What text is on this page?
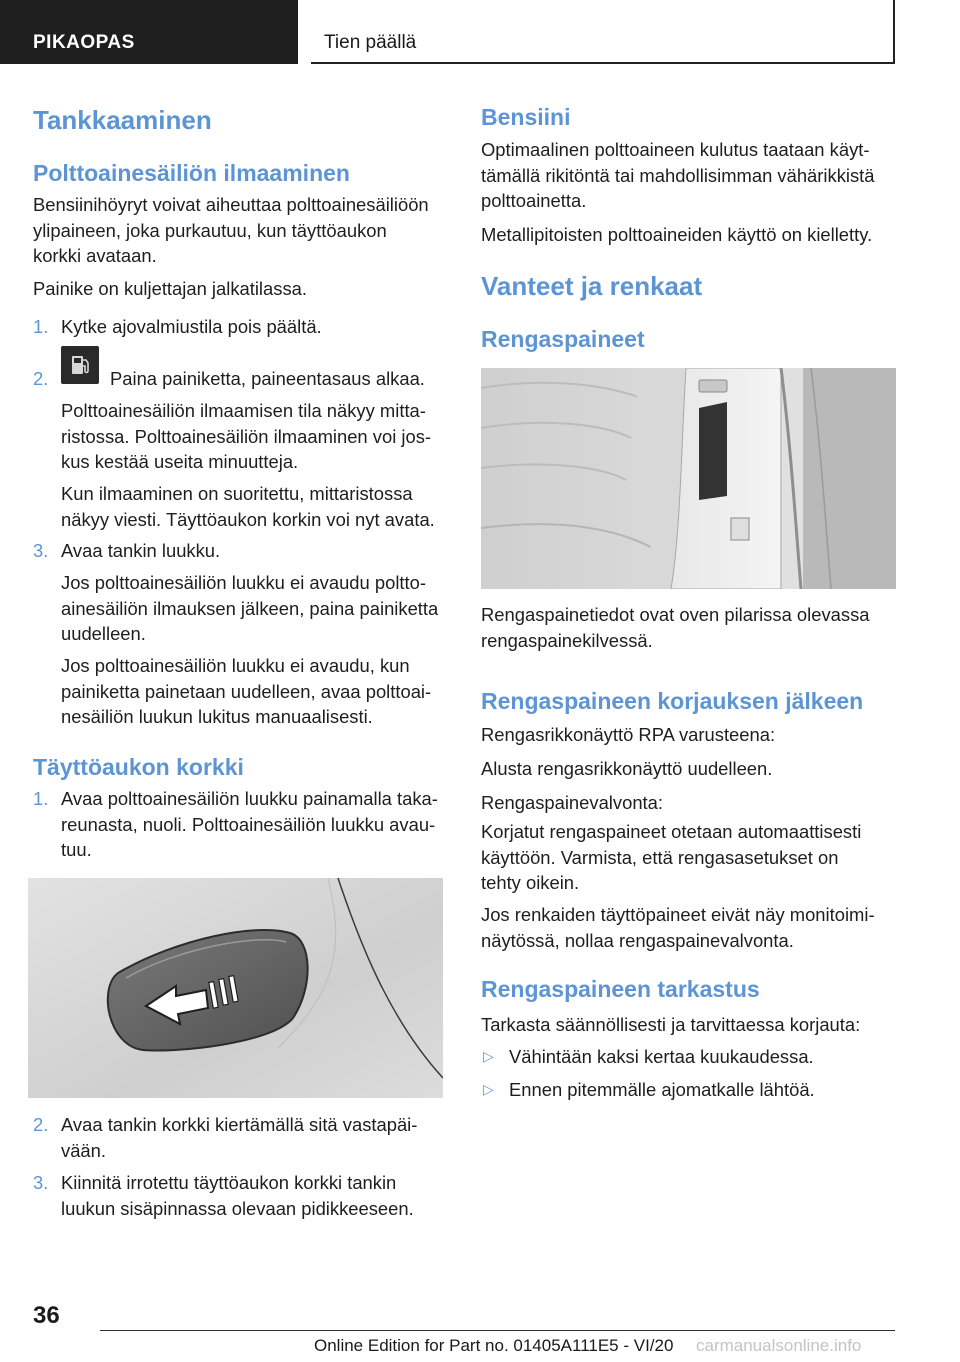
PIKAOPAS	Tien päällä
Tankkaaminen
Polttoainesäiliön ilmaaminen
Bensiinihöyryt voivat aiheuttaa polttoainesäiliöön
ylipaineen, joka purkautuu, kun täyttöaukon
korkki avataan.
Painike on kuljettajan jalkatilassa.
1. Kytke ajovalmiustila pois päältä.
2.	Paina painiketta, paineentasaus alkaa.
Polttoainesäiliön ilmaamisen tila näkyy mitta-
ristossa. Polttoainesäiliön ilmaaminen voi jos-
kus kestää useita minuutteja.
Kun ilmaaminen on suoritettu, mittaristossa
näkyy viesti. Täyttöaukon korkin voi nyt avata.
3. Avaa tankin luukku.
Jos polttoainesäiliön luukku ei avaudu poltto-
ainesäiliön ilmauksen jälkeen, paina painiketta
uudelleen.
Jos polttoainesäiliön luukku ei avaudu, kun
painiketta painetaan uudelleen, avaa polttoai-
nesäiliön luukun lukitus manuaalisesti.
Täyttöaukon korkki
1. Avaa polttoainesäiliön luukku painamalla taka-
reunasta, nuoli. Polttoainesäiliön luukku avau-
tuu.
2. Avaa tankin korkki kiertämällä sitä vastapäi-
vään.
3. Kiinnitä irrotettu täyttöaukon korkki tankin
luukun sisäpinnassa olevaan pidikkeeseen.
Bensiini
Optimaalinen polttoaineen kulutus taataan käyt-
tämällä rikitöntä tai mahdollisimman vähärikkistä
polttoainetta.
Metallipitoisten polttoaineiden käyttö on kielletty.
Vanteet ja renkaat
Rengaspaineet
Rengaspainetiedot ovat oven pilarissa olevassa
rengaspainekilvessä.
Rengaspaineen korjauksen jälkeen
Rengasrikkonäyttö RPA varusteena:
Alusta rengasrikkonäyttö uudelleen.
Rengaspainevalvonta:
Korjatut rengaspaineet otetaan automaattisesti
käyttöön. Varmista, että rengasasetukset on
tehty oikein.
Jos renkaiden täyttöpaineet eivät näy monitoimi-
näytössä, nollaa rengaspainevalvonta.
Rengaspaineen tarkastus
Tarkasta säännöllisesti ja tarvittaessa korjauta:
▷ Vähintään kaksi kertaa kuukaudessa.
▷ Ennen pitemmälle ajomatkalle lähtöä.
36
Online Edition for Part no. 01405A111E5 - VI/20 carmanualsonline.info
